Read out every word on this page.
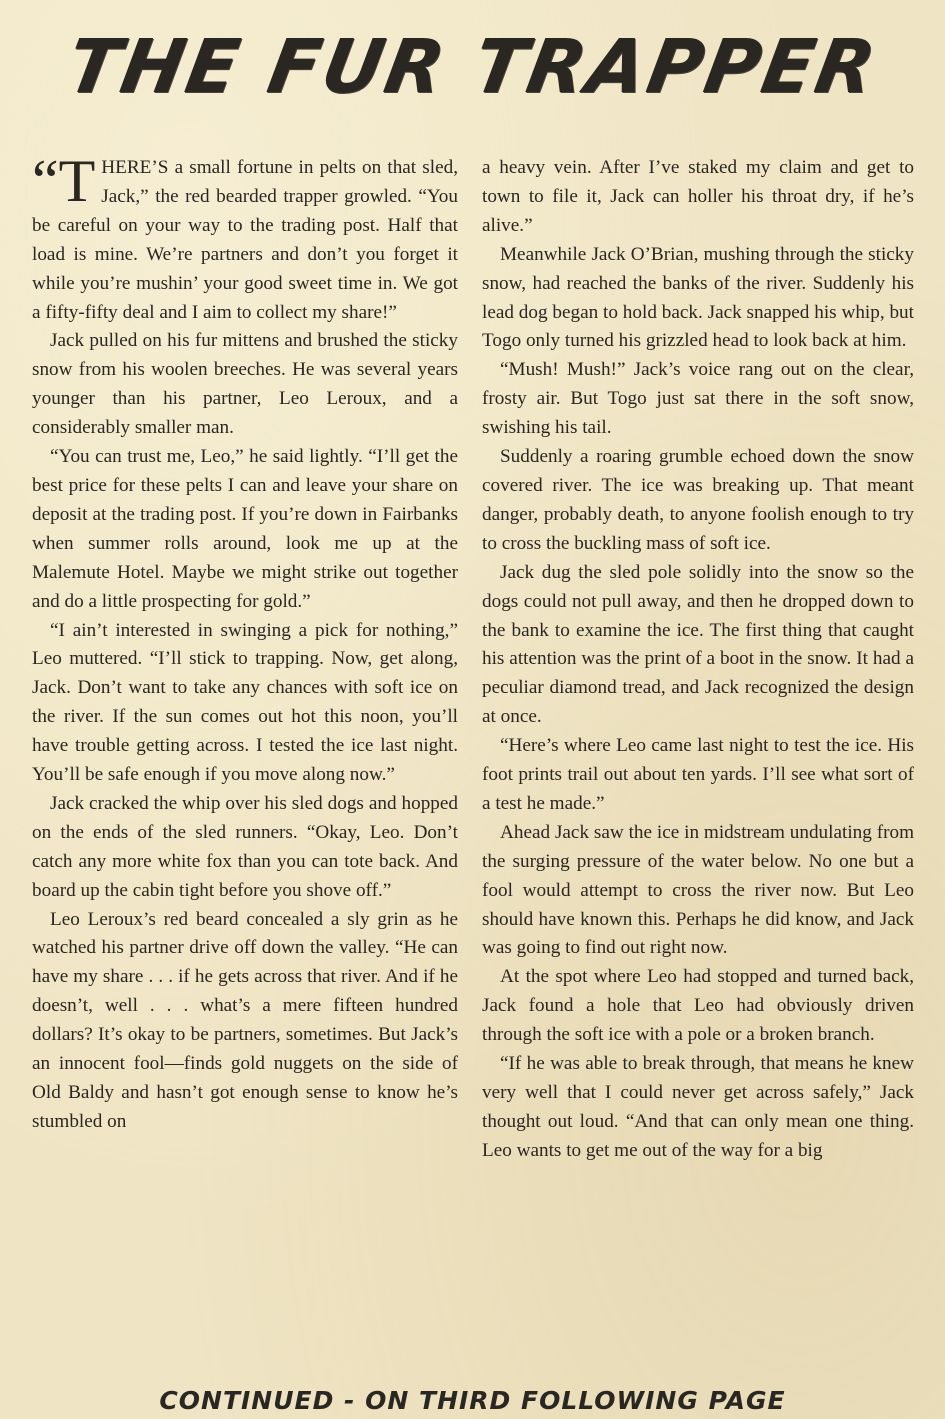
THE FUR TRAPPER

“T HERE’S a small fortune in pelts on that sled, Jack,” the red bearded trapper growled. “You be careful on your way to the trading post. Half that load is mine. We’re partners and don’t you forget it while you’re mushin’ your good sweet time in. We got a fifty-fifty deal and I aim to collect my share!”

Jack pulled on his fur mittens and brushed the sticky snow from his woolen breeches. He was several years younger than his partner, Leo Leroux, and a considerably smaller man.

“You can trust me, Leo,” he said lightly. “I’ll get the best price for these pelts I can and leave your share on deposit at the trading post. If you’re down in Fairbanks when summer rolls around, look me up at the Malemute Hotel. Maybe we might strike out together and do a little prospecting for gold.”

“I ain’t interested in swinging a pick for nothing,” Leo muttered. “I’ll stick to trapping. Now, get along, Jack. Don’t want to take any chances with soft ice on the river. If the sun comes out hot this noon, you’ll have trouble getting across. I tested the ice last night. You’ll be safe enough if you move along now.”

Jack cracked the whip over his sled dogs and hopped on the ends of the sled runners. “Okay, Leo. Don’t catch any more white fox than you can tote back. And board up the cabin tight before you shove off.”

Leo Leroux’s red beard concealed a sly grin as he watched his partner drive off down the valley. “He can have my share . . . if he gets across that river. And if he doesn’t, well . . . what’s a mere fifteen hundred dollars? It’s okay to be partners, sometimes. But Jack’s an innocent fool—finds gold nuggets on the side of Old Baldy and hasn’t got enough sense to know he’s stumbled on

a heavy vein. After I’ve staked my claim and get to town to file it, Jack can holler his throat dry, if he’s alive.”

Meanwhile Jack O’Brian, mushing through the sticky snow, had reached the banks of the river. Suddenly his lead dog began to hold back. Jack snapped his whip, but Togo only turned his grizzled head to look back at him.

“Mush! Mush!” Jack’s voice rang out on the clear, frosty air. But Togo just sat there in the soft snow, swishing his tail.

Suddenly a roaring grumble echoed down the snow covered river. The ice was breaking up. That meant danger, probably death, to anyone foolish enough to try to cross the buckling mass of soft ice.

Jack dug the sled pole solidly into the snow so the dogs could not pull away, and then he dropped down to the bank to examine the ice. The first thing that caught his attention was the print of a boot in the snow. It had a peculiar diamond tread, and Jack recognized the design at once.

“Here’s where Leo came last night to test the ice. His foot prints trail out about ten yards. I’ll see what sort of a test he made.”

Ahead Jack saw the ice in midstream undulating from the surging pressure of the water below. No one but a fool would attempt to cross the river now. But Leo should have known this. Perhaps he did know, and Jack was going to find out right now.

At the spot where Leo had stopped and turned back, Jack found a hole that Leo had obviously driven through the soft ice with a pole or a broken branch.

“If he was able to break through, that means he knew very well that I could never get across safely,” Jack thought out loud. “And that can only mean one thing. Leo wants to get me out of the way for a big

CONTINUED - ON THIRD FOLLOWING PAGE
